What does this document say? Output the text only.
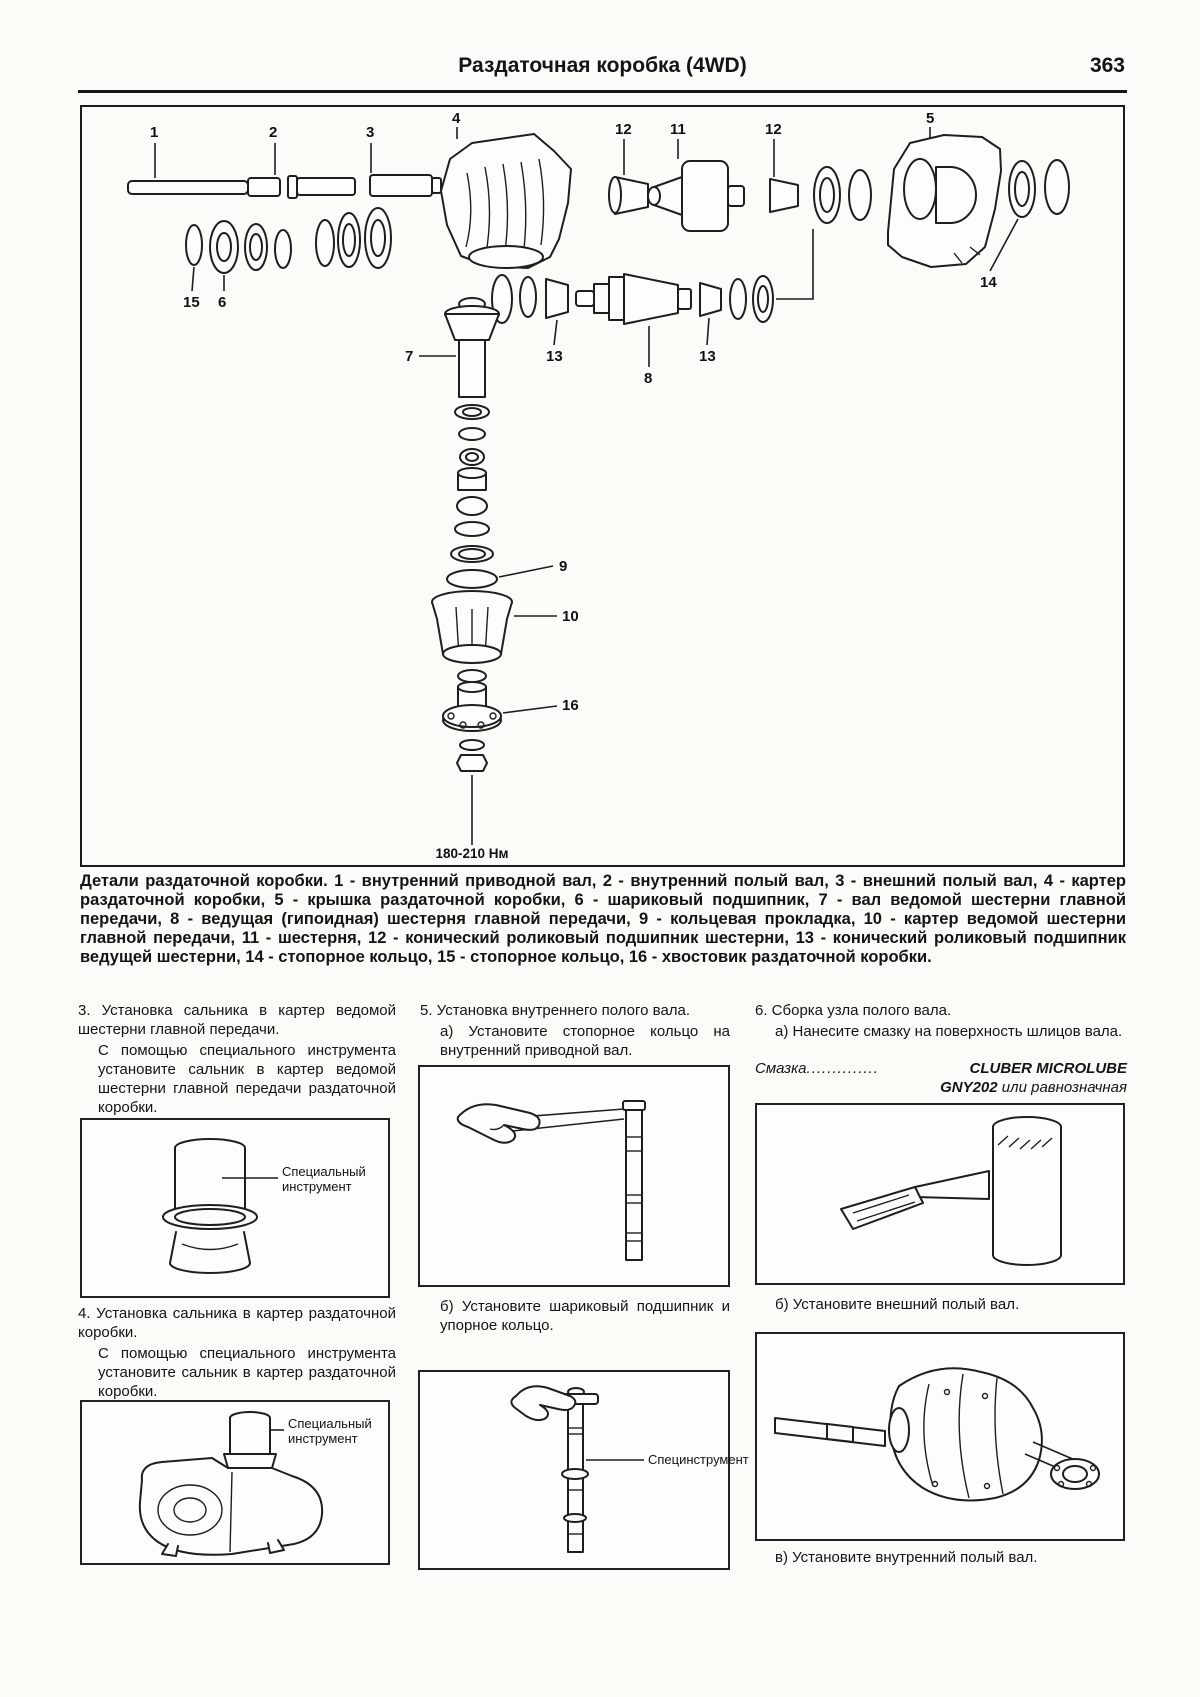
Раздаточная коробка (4WD)	363
1	2	3
4
12	11	12
5
15 6
14
13
8
13
7
9
10
16
180-210 Нм
Детали раздаточной коробки. 1 - внутренний приводной вал, 2 - внутренний полый вал, 3 - внешний полый вал, 4 - картер раздаточной коробки, 5 - крышка раздаточной коробки, 6 - шариковый подшипник, 7 - вал ведомой шестерни главной передачи, 8 - ведущая (гипоидная) шестерня главной передачи, 9 - кольцевая прокладка, 10 - картер ведомой шестерни главной передачи, 11 - шестерня, 12 - конический роликовый подшипник шестерни, 13 - конический роликовый подшипник ведущей шестерни, 14 - стопорное кольцо, 15 - стопорное кольцо, 16 - хвостовик раздаточной коробки.

3. Установка сальника в картер ведомой шестерни главной передачи.

С помощью специального инструмента установите сальник в картер ведомой шестерни главной передачи раздаточной коробки.

Специальный инструмент

4. Установка сальника в картер раздаточной коробки.

С помощью специального инструмента установите сальник в картер раздаточной коробки.

Специальный инструмент

5. Установка внутреннего полого вала.

а) Установите стопорное кольцо на внутренний приводной вал.

б) Установите шариковый подшипник и упорное кольцо.

Специнструмент

6. Сборка узла полого вала.

а) Нанесите смазку на поверхность шлицов вала.

Смазка ..............	CLUBER MICROLUBE
GNY202 или равнозначная

б) Установите внешний полый вал.

в) Установите внутренний полый вал.
